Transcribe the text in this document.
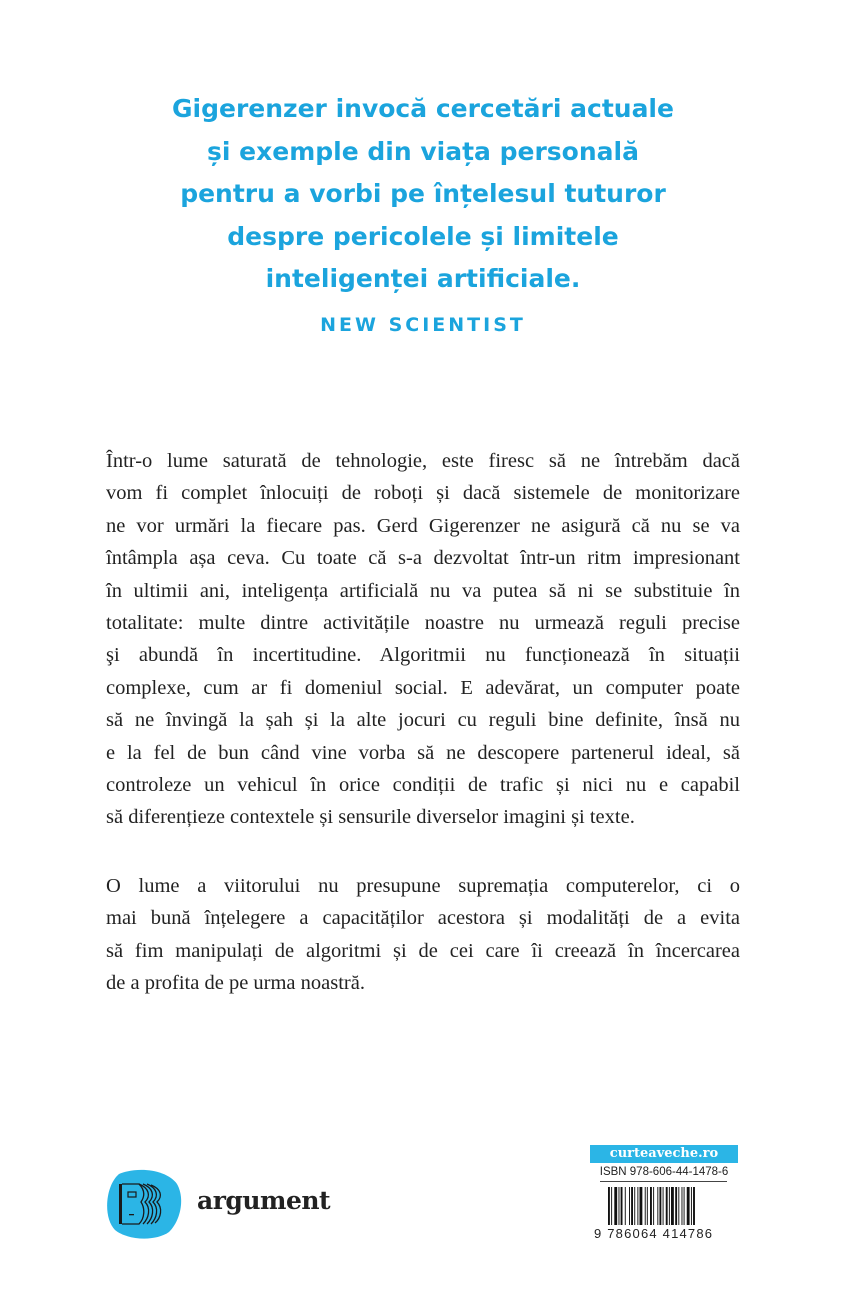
Gigerenzer invocă cercetări actuale
și exemple din viața personală
pentru a vorbi pe înțelesul tuturor
despre pericolele și limitele
inteligenței artificiale.
NEW SCIENTIST
Într-o lume saturată de tehnologie, este firesc să ne întrebăm dacă
vom fi complet înlocuiți de roboți și dacă sistemele de monitorizare
ne vor urmări la fiecare pas. Gerd Gigerenzer ne asigură că nu se va
întâmpla așa ceva. Cu toate că s-a dezvoltat într-un ritm impresionant
în ultimii ani, inteligența artificială nu va putea să ni se substituie în
totalitate: multe dintre activitățile noastre nu urmează reguli precise
şi abundă în incertitudine. Algoritmii nu funcționează în situații
complexe, cum ar fi domeniul social. E adevărat, un computer poate
să ne învingă la șah și la alte jocuri cu reguli bine definite, însă nu
e la fel de bun când vine vorba să ne descopere partenerul ideal, să
controleze un vehicul în orice condiții de trafic și nici nu e capabil
să diferențieze contextele și sensurile diverselor imagini și texte.
O lume a viitorului nu presupune supremația computerelor, ci o
mai bună înțelegere a capacităților acestora și modalități de a evita
să fim manipulați de algoritmi și de cei care îi creează în încercarea
de a profita de pe urma noastră.
argument
curteaveche.ro
ISBN 978-606-44-1478-6
9 786064 414786
